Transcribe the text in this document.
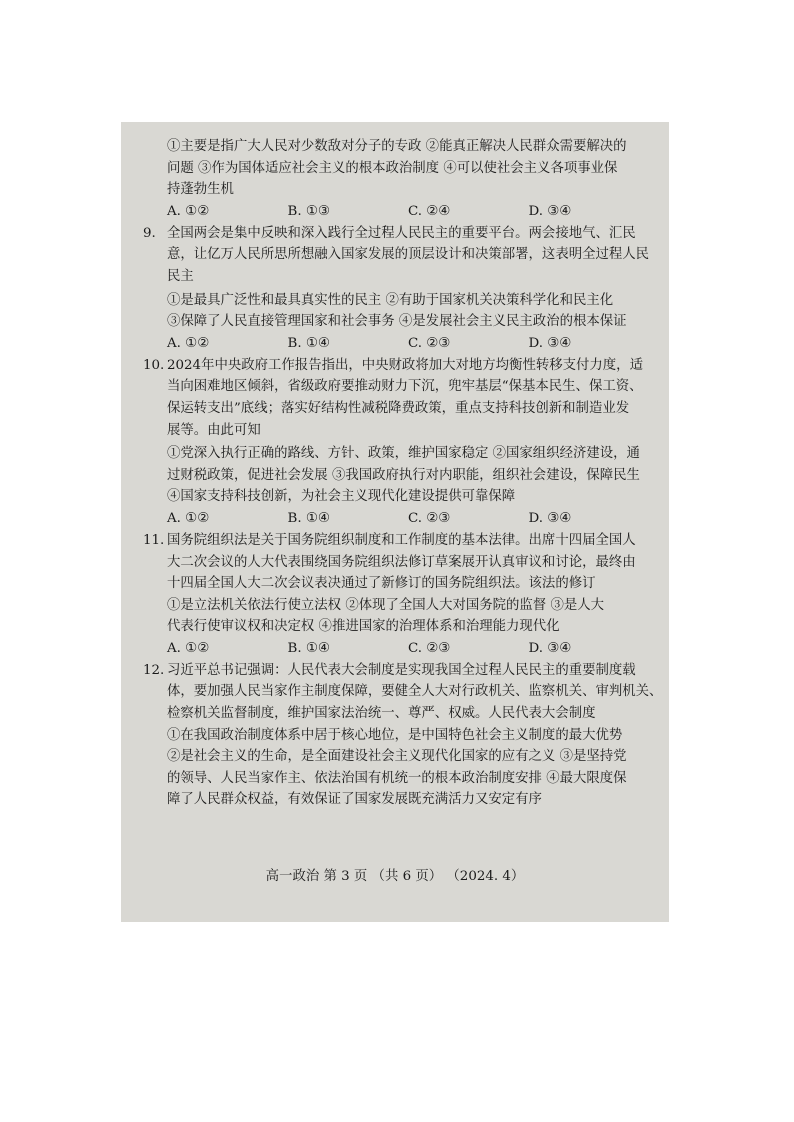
①主要是指广大人民对少数敌对分子的专政 ②能真正解决人民群众需要解决的
问题 ③作为国体适应社会主义的根本政治制度 ④可以使社会主义各项事业保
持蓬勃生机
A. ①②	B. ①③	C. ②④	D. ③④
9. 全国两会是集中反映和深入践行全过程人民民主的重要平台。两会接地气、汇民
意，让亿万人民所思所想融入国家发展的顶层设计和决策部署，这表明全过程人民
民主
①是最具广泛性和最具真实性的民主 ②有助于国家机关决策科学化和民主化
③保障了人民直接管理国家和社会事务 ④是发展社会主义民主政治的根本保证
A. ①②	B. ①④	C. ②③	D. ③④
10. 2024年中央政府工作报告指出，中央财政将加大对地方均衡性转移支付力度，适
当向困难地区倾斜，省级政府要推动财力下沉，兜牢基层“保基本民生、保工资、
保运转支出”底线；落实好结构性减税降费政策，重点支持科技创新和制造业发
展等。由此可知
①党深入执行正确的路线、方针、政策，维护国家稳定 ②国家组织经济建设，通
过财税政策，促进社会发展 ③我国政府执行对内职能，组织社会建设，保障民生
④国家支持科技创新，为社会主义现代化建设提供可靠保障
A. ①②	B. ①④	C. ②③	D. ③④
11. 国务院组织法是关于国务院组织制度和工作制度的基本法律。出席十四届全国人
大二次会议的人大代表围绕国务院组织法修订草案展开认真审议和讨论，最终由
十四届全国人大二次会议表决通过了新修订的国务院组织法。该法的修订
①是立法机关依法行使立法权 ②体现了全国人大对国务院的监督 ③是人大
代表行使审议权和决定权 ④推进国家的治理体系和治理能力现代化
A. ①②	B. ①④	C. ②③	D. ③④
12. 习近平总书记强调：人民代表大会制度是实现我国全过程人民民主的重要制度载
体，要加强人民当家作主制度保障，要健全人大对行政机关、监察机关、审判机关、
检察机关监督制度，维护国家法治统一、尊严、权威。人民代表大会制度
①在我国政治制度体系中居于核心地位，是中国特色社会主义制度的最大优势
②是社会主义的生命，是全面建设社会主义现代化国家的应有之义 ③是坚持党
的领导、人民当家作主、依法治国有机统一的根本政治制度安排 ④最大限度保
障了人民群众权益，有效保证了国家发展既充满活力又安定有序
高一政治 第 3 页 （共 6 页） （2024. 4）
